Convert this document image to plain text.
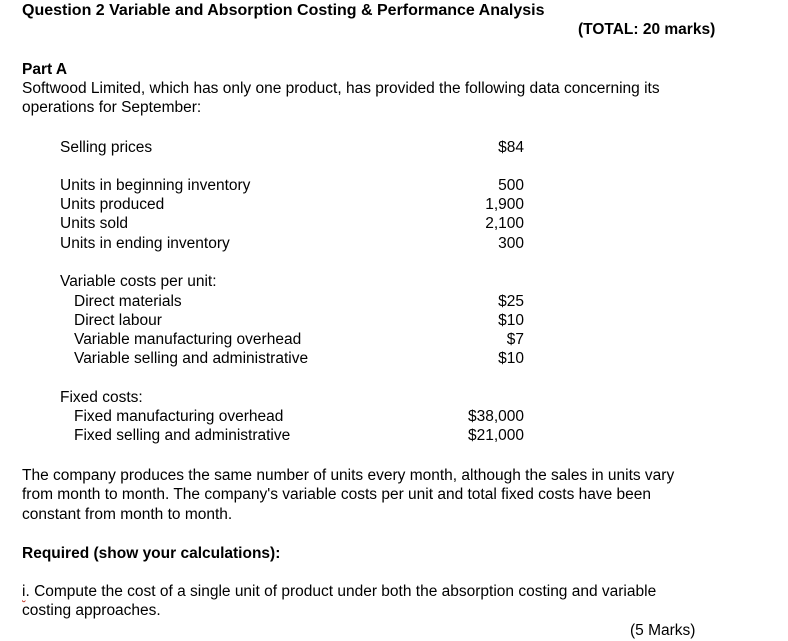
Question 2 Variable and Absorption Costing & Performance Analysis
(TOTAL: 20 marks)
Part A
Softwood Limited, which has only one product, has provided the following data concerning its
operations for September:
Selling prices	$84
Units in beginning inventory	500
Units produced	1,900
Units sold	2,100
Units in ending inventory	300
Variable costs per unit:
Direct materials	$25
Direct labour	$10
Variable manufacturing overhead	$7
Variable selling and administrative	$10
Fixed costs:
Fixed manufacturing overhead	$38,000
Fixed selling and administrative	$21,000
The company produces the same number of units every month, although the sales in units vary
from month to month. The company's variable costs per unit and total fixed costs have been
constant from month to month.
Required (show your calculations):
i. Compute the cost of a single unit of product under both the absorption costing and variable
costing approaches.
(5 Marks)
